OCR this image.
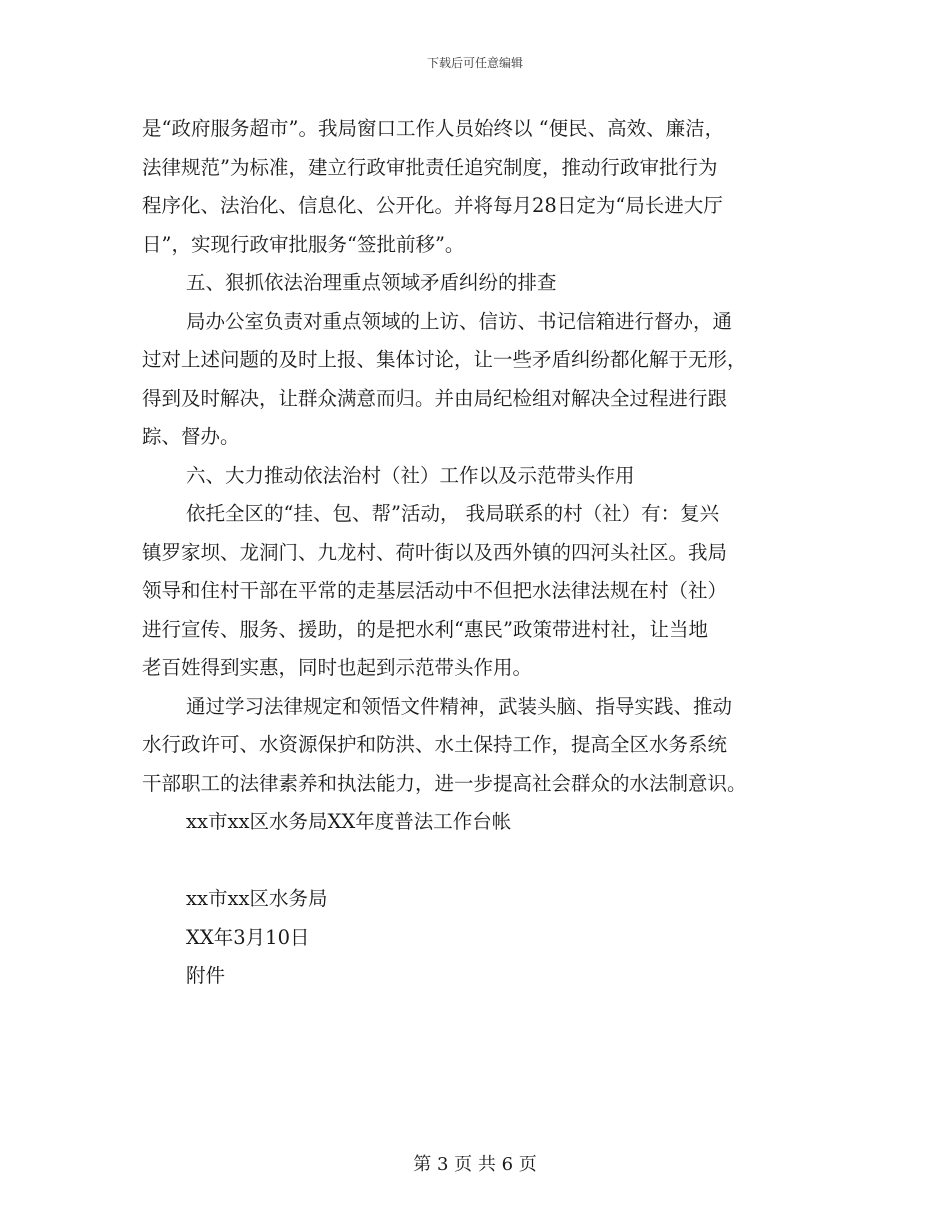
下载后可任意编辑
是“政府服务超市”。我局窗口工作人员始终以 “便民、高效、廉洁，
法律规范”为标准，建立行政审批责任追究制度，推动行政审批行为
程序化、法治化、信息化、公开化。并将每月28日定为“局长进大厅
日”，实现行政审批服务“签批前移”。
五、狠抓依法治理重点领域矛盾纠纷的排查
局办公室负责对重点领域的上访、信访、书记信箱进行督办，通
过对上述问题的及时上报、集体讨论，让一些矛盾纠纷都化解于无形，
得到及时解决，让群众满意而归。并由局纪检组对解决全过程进行跟
踪、督办。
六、大力推动依法治村（社）工作以及示范带头作用
依托全区的“挂、包、帮”活动， 我局联系的村（社）有：复兴
镇罗家坝、龙洞门、九龙村、荷叶街以及西外镇的四河头社区。我局
领导和住村干部在平常的走基层活动中不但把水法律法规在村（社）
进行宣传、服务、援助，的是把水利“惠民”政策带进村社，让当地
老百姓得到实惠，同时也起到示范带头作用。
通过学习法律规定和领悟文件精神，武装头脑、指导实践、推动
水行政许可、水资源保护和防洪、水土保持工作，提高全区水务系统
干部职工的法律素养和执法能力，进一步提高社会群众的水法制意识。
xx市xx区水务局XX年度普法工作台帐
xx市xx区水务局
XX年3月10日
附件
第 3 页 共 6 页
